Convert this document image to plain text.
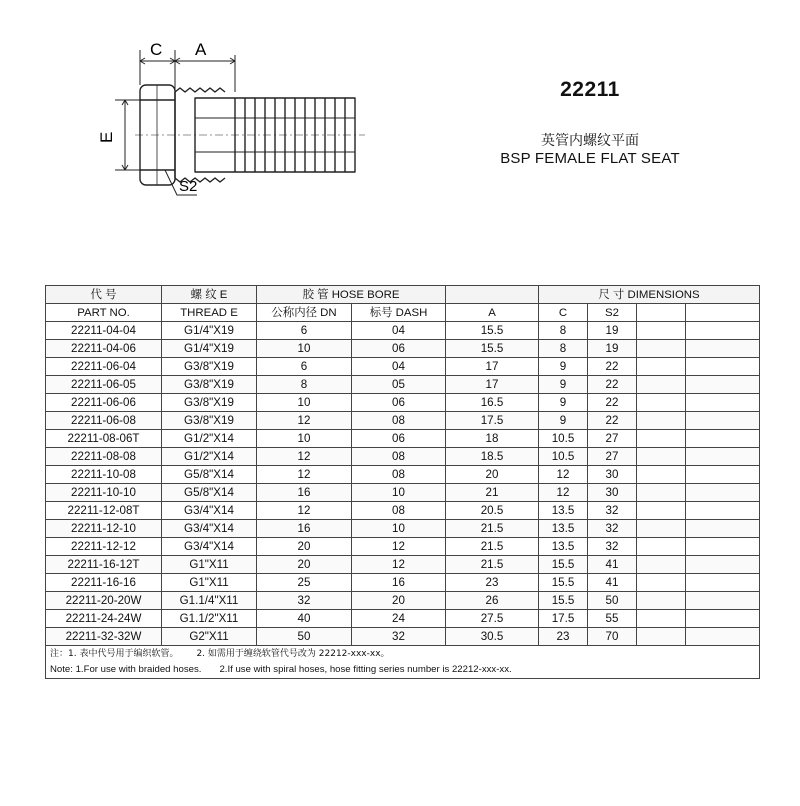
C A
E
S2
22211
英管内螺纹平面
BSP FEMALE FLAT SEAT
代 号	螺 纹 E	胶 管 HOSE BORE			尺 寸 DIMENSIONS			
PART NO.	THREAD E	公称内径 DN	标号 DASH	A	C	S2		
22211-04-04	G1/4"X19	6	04	15.5	8	19		
22211-04-06	G1/4"X19	10	06	15.5	8	19		
22211-06-04	G3/8"X19	6	04	17	9	22		
22211-06-05	G3/8"X19	8	05	17	9	22		
22211-06-06	G3/8"X19	10	06	16.5	9	22		
22211-06-08	G3/8"X19	12	08	17.5	9	22		
22211-08-06T	G1/2"X14	10	06	18	10.5	27		
22211-08-08	G1/2"X14	12	08	18.5	10.5	27		
22211-10-08	G5/8"X14	12	08	20	12	30		
22211-10-10	G5/8"X14	16	10	21	12	30		
22211-12-08T	G3/4"X14	12	08	20.5	13.5	32		
22211-12-10	G3/4"X14	16	10	21.5	13.5	32		
22211-12-12	G3/4"X14	20	12	21.5	13.5	32		
22211-16-12T	G1"X11	20	12	21.5	15.5	41		
22211-16-16	G1"X11	25	16	23	15.5	41		
22211-20-20W	G1.1/4"X11	32	20	26	15.5	50		
22211-24-24W	G1.1/2"X11	40	24	27.5	17.5	55		
22211-32-32W	G2"X11	50	32	30.5	23	70		
注：1. 表中代号用于编织软管。 2. 如需用于缠绕软管代号改为 22212-xxx-xx。								
Note: 1.For use with braided hoses. 2.If use with spiral hoses, hose fitting series number is 22212-xxx-xx.								
